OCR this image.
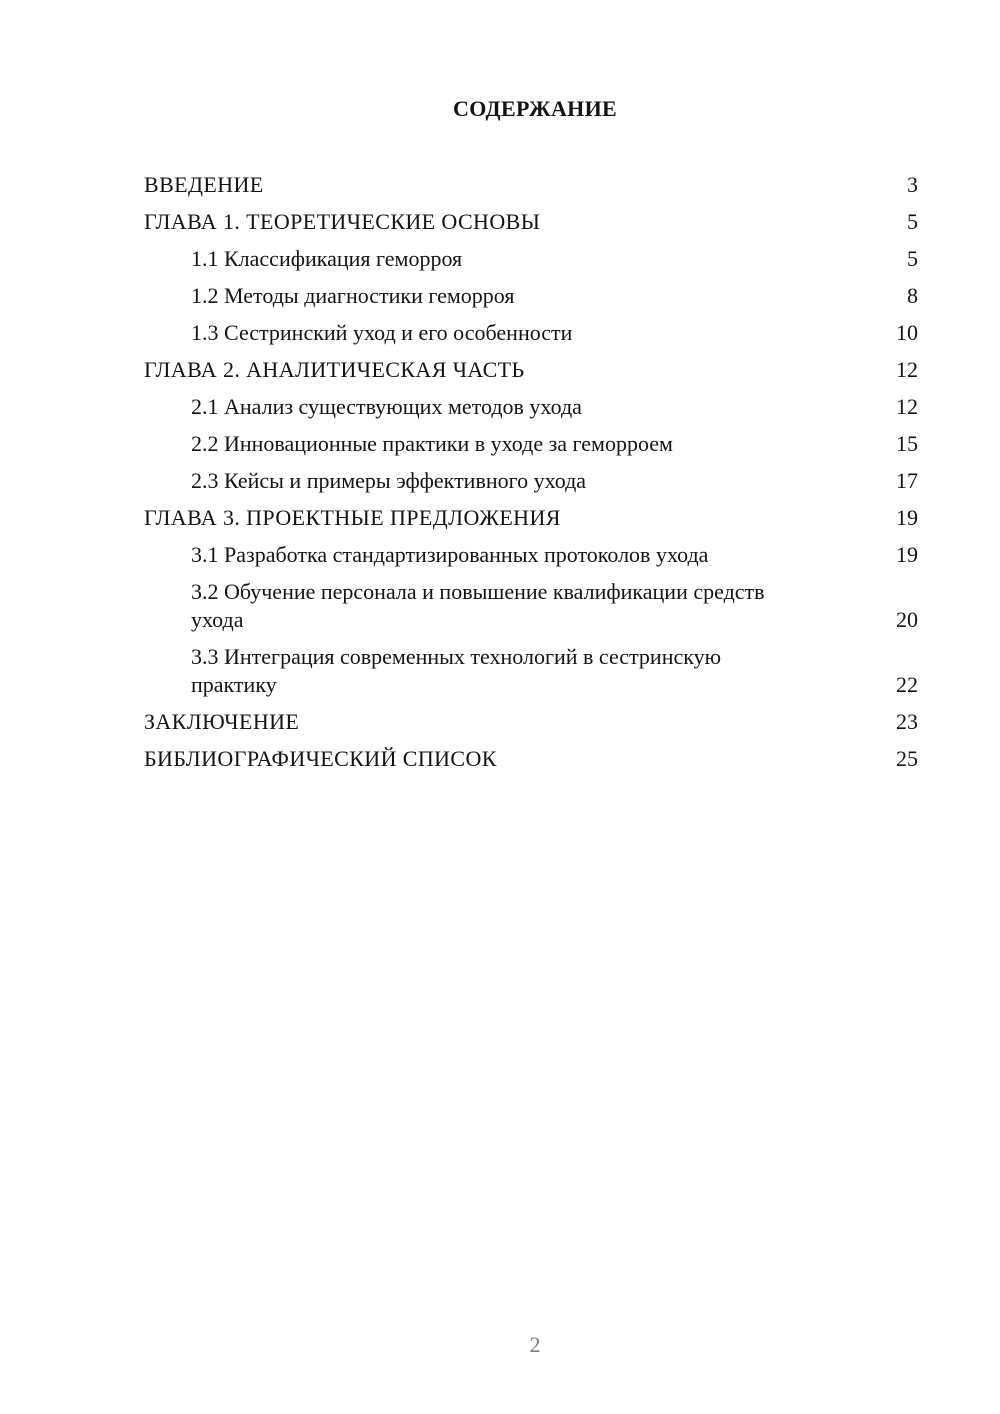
СОДЕРЖАНИЕ
ВВЕДЕНИЕ	3
ГЛАВА 1. ТЕОРЕТИЧЕСКИЕ ОСНОВЫ	5
1.1 Классификация геморроя	5
1.2 Методы диагностики геморроя	8
1.3 Сестринский уход и его особенности	10
ГЛАВА 2. АНАЛИТИЧЕСКАЯ ЧАСТЬ	12
2.1 Анализ существующих методов ухода	12
2.2 Инновационные практики в уходе за геморроем	15
2.3 Кейсы и примеры эффективного ухода	17
ГЛАВА 3. ПРОЕКТНЫЕ ПРЕДЛОЖЕНИЯ	19
3.1 Разработка стандартизированных протоколов ухода	19
3.2 Обучение персонала и повышение квалификации средств ухода	20
3.3 Интеграция современных технологий в сестринскую практику	22
ЗАКЛЮЧЕНИЕ	23
БИБЛИОГРАФИЧЕСКИЙ СПИСОК	25
2
